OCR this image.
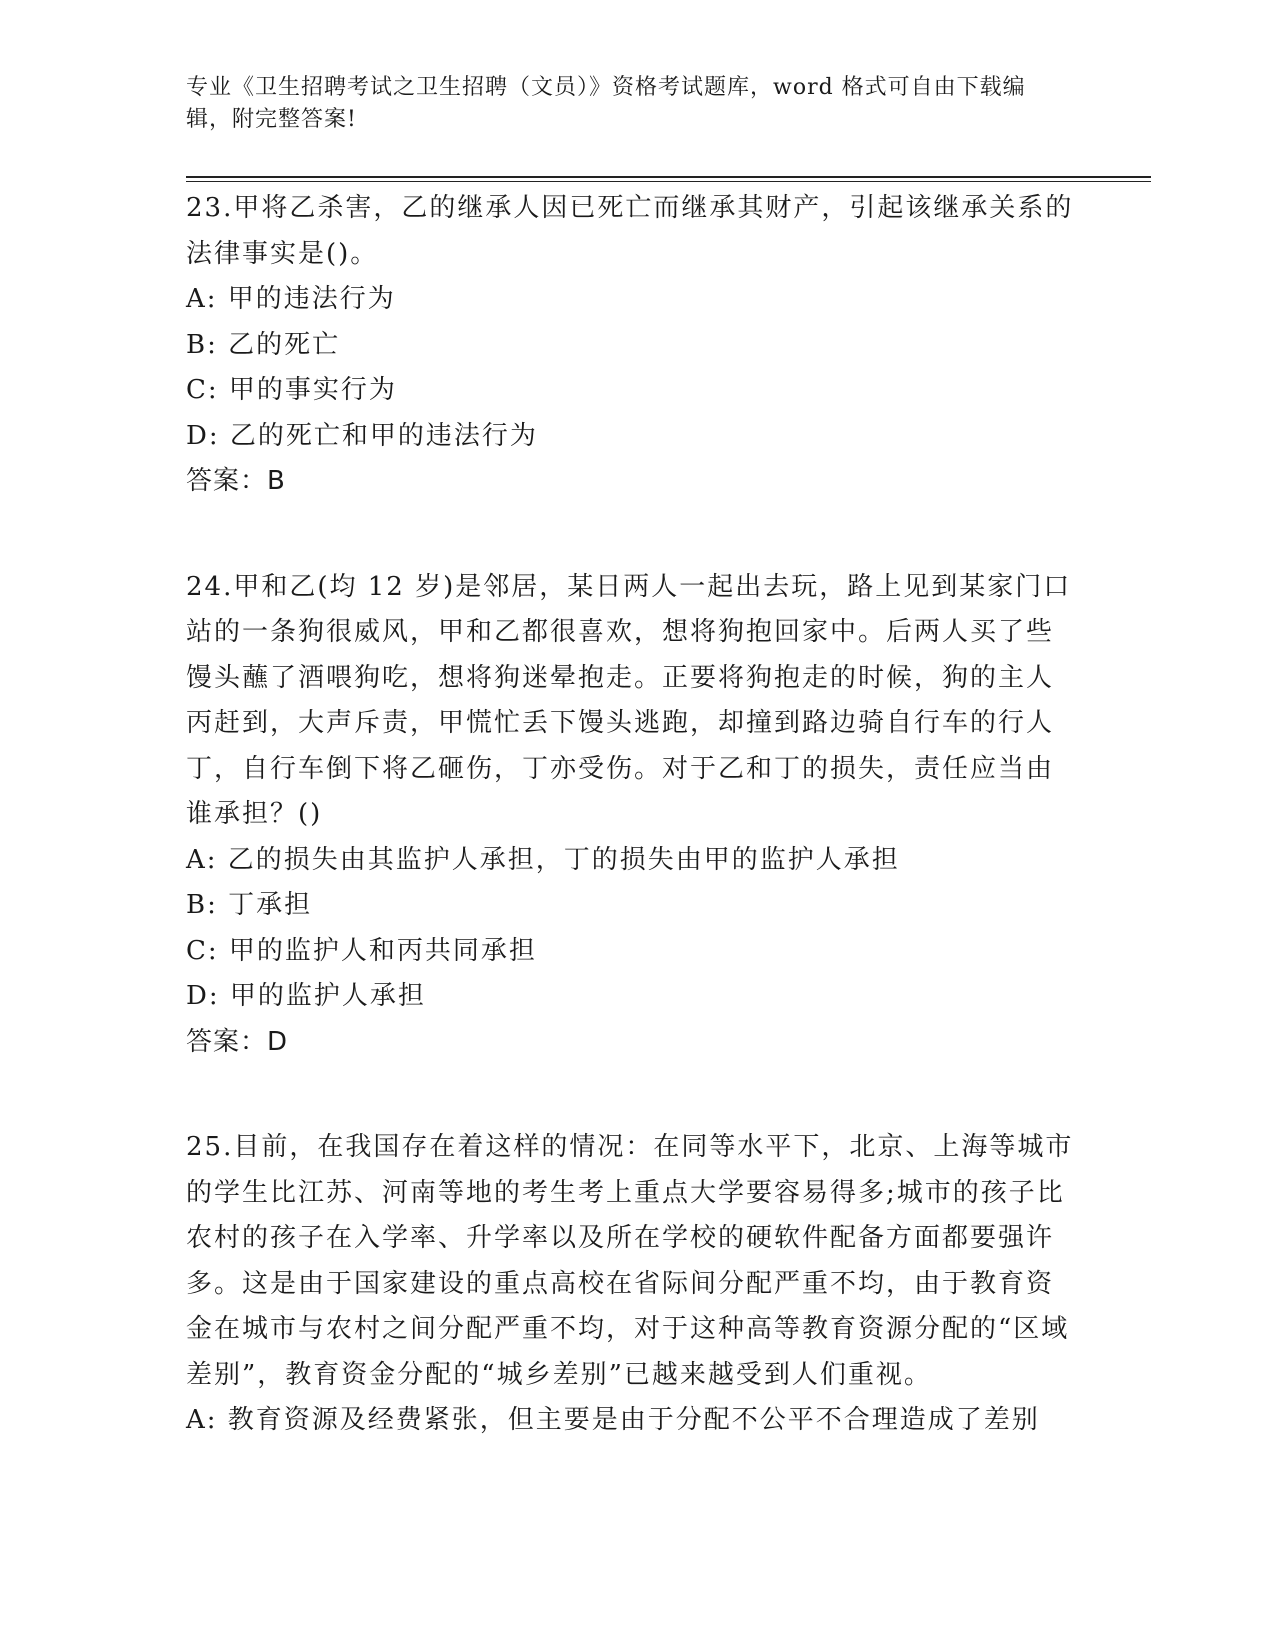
专业《卫生招聘考试之卫生招聘（文员）》资格考试题库，word 格式可自由下载编辑，附完整答案!
23.甲将乙杀害，乙的继承人因已死亡而继承其财产，引起该继承关系的法律事实是()。
A: 甲的违法行为
B: 乙的死亡
C: 甲的事实行为
D: 乙的死亡和甲的违法行为
答案：B
24.甲和乙(均 12 岁)是邻居，某日两人一起出去玩，路上见到某家门口站的一条狗很威风，甲和乙都很喜欢，想将狗抱回家中。后两人买了些馒头蘸了酒喂狗吃，想将狗迷晕抱走。正要将狗抱走的时候，狗的主人丙赶到，大声斥责，甲慌忙丢下馒头逃跑，却撞到路边骑自行车的行人丁，自行车倒下将乙砸伤，丁亦受伤。对于乙和丁的损失，责任应当由谁承担？()
A: 乙的损失由其监护人承担，丁的损失由甲的监护人承担
B: 丁承担
C: 甲的监护人和丙共同承担
D: 甲的监护人承担
答案：D
25.目前，在我国存在着这样的情况：在同等水平下，北京、上海等城市的学生比江苏、河南等地的考生考上重点大学要容易得多;城市的孩子比农村的孩子在入学率、升学率以及所在学校的硬软件配备方面都要强许多。这是由于国家建设的重点高校在省际间分配严重不均，由于教育资金在城市与农村之间分配严重不均，对于这种高等教育资源分配的“区域差别”，教育资金分配的“城乡差别”已越来越受到人们重视。
A: 教育资源及经费紧张，但主要是由于分配不公平不合理造成了差别
